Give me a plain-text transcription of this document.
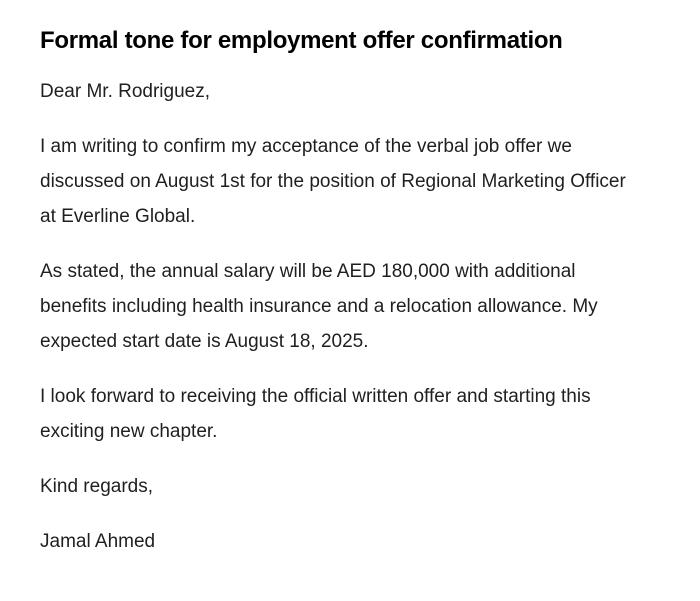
Formal tone for employment offer confirmation

Dear Mr. Rodriguez,

I am writing to confirm my acceptance of the verbal job offer we discussed on August 1st for the position of Regional Marketing Officer at Everline Global.

As stated, the annual salary will be AED 180,000 with additional benefits including health insurance and a relocation allowance. My expected start date is August 18, 2025.

I look forward to receiving the official written offer and starting this exciting new chapter.

Kind regards,

Jamal Ahmed
